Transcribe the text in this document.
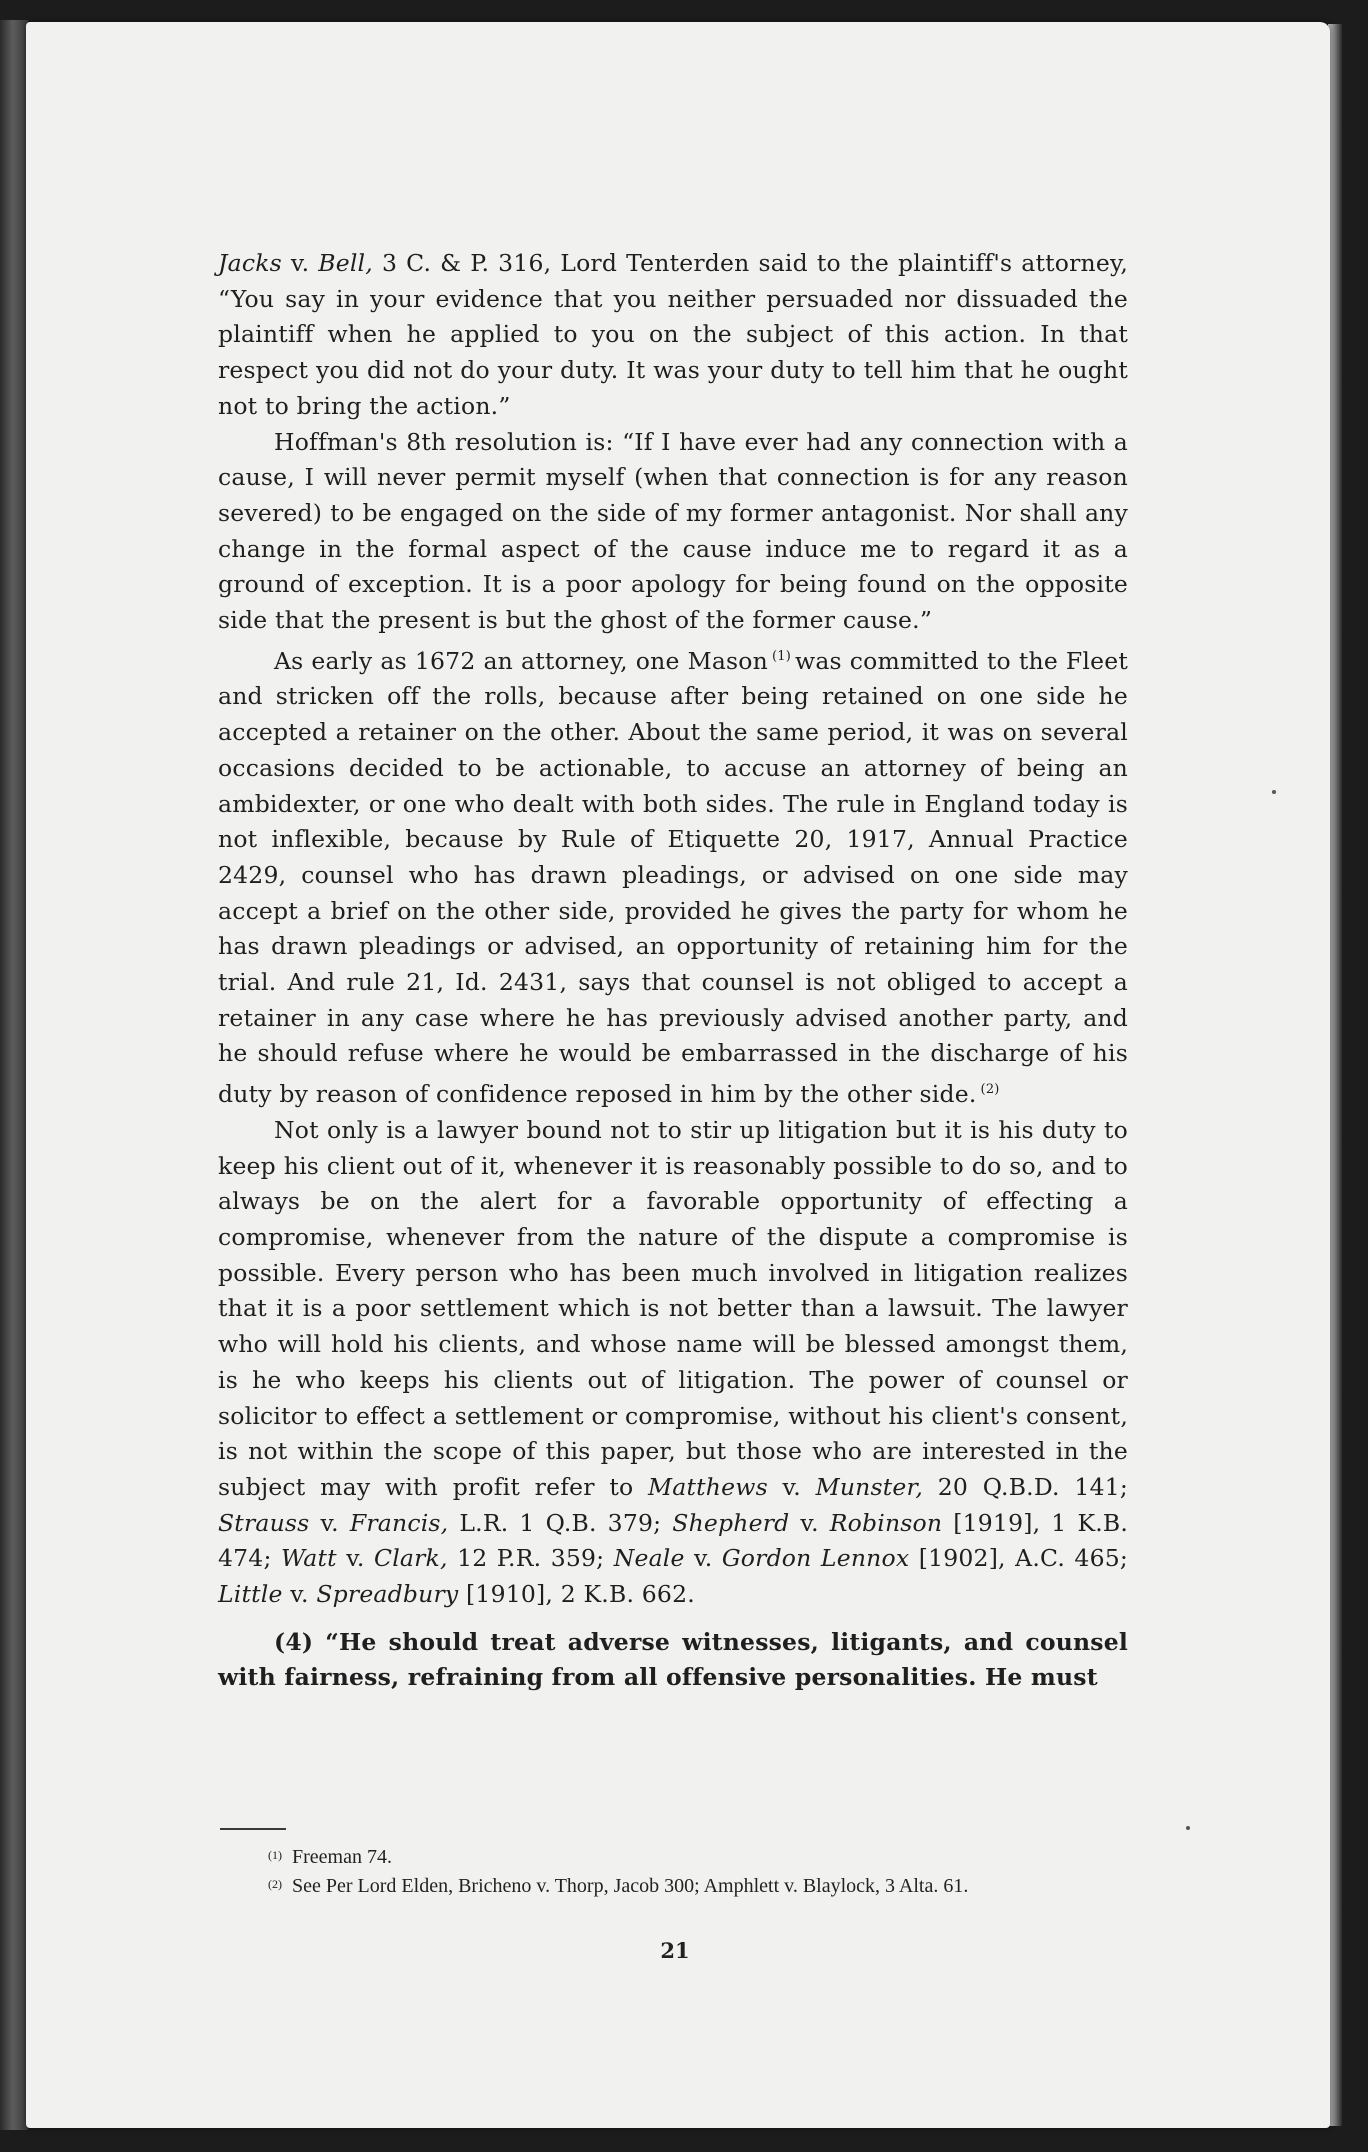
Jacks v. Bell, 3 C. & P. 316, Lord Tenterden said to the plaintiff's attorney, “You say in your evidence that you neither persuaded nor dissuaded the plaintiff when he applied to you on the subject of this action. In that respect you did not do your duty. It was your duty to tell him that he ought not to bring the action.”

Hoffman's 8th resolution is: “If I have ever had any connection with a cause, I will never permit myself (when that connection is for any reason severed) to be engaged on the side of my former antagonist. Nor shall any change in the formal aspect of the cause induce me to regard it as a ground of exception. It is a poor apology for being found on the opposite side that the present is but the ghost of the former cause.”

As early as 1672 an attorney, one Mason $^{(1)}$ was committed to the Fleet and stricken off the rolls, because after being retained on one side he accepted a retainer on the other. About the same period, it was on several occasions decided to be actionable, to accuse an attorney of being an ambidexter, or one who dealt with both sides. The rule in England today is not inflexible, because by Rule of Etiquette 20, 1917, Annual Practice 2429, counsel who has drawn pleadings, or advised on one side may accept a brief on the other side, provided he gives the party for whom he has drawn pleadings or advised, an opportunity of retaining him for the trial. And rule 21, Id. 2431, says that counsel is not obliged to accept a retainer in any case where he has previously advised another party, and he should refuse where he would be embarrassed in the discharge of his duty by reason of confidence reposed in him by the other side. $^{(2)}$

Not only is a lawyer bound not to stir up litigation but it is his duty to keep his client out of it, whenever it is reasonably possible to do so, and to always be on the alert for a favorable opportunity of effecting a compromise, whenever from the nature of the dispute a compromise is possible. Every person who has been much involved in litigation realizes that it is a poor settlement which is not better than a lawsuit. The lawyer who will hold his clients, and whose name will be blessed amongst them, is he who keeps his clients out of litigation. The power of counsel or solicitor to effect a settlement or compromise, without his client's consent, is not within the scope of this paper, but those who are interested in the subject may with profit refer to Matthews v. Munster, 20 Q.B.D. 141; Strauss v. Francis, L.R. 1 Q.B. 379; Shepherd v. Robinson [1919], 1 K.B. 474; Watt v. Clark, 12 P.R. 359; Neale v. Gordon Lennox [1902], A.C. 465; Little v. Spreadbury [1910], 2 K.B. 662.

(4) “He should treat adverse witnesses, litigants, and counsel with fairness, refraining from all offensive personalities. He must

$^{(1)}$ Freeman 74.

$^{(2)}$ See Per Lord Elden, Bricheno v. Thorp, Jacob 300; Amphlett v. Blaylock, 3 Alta. 61.

21
